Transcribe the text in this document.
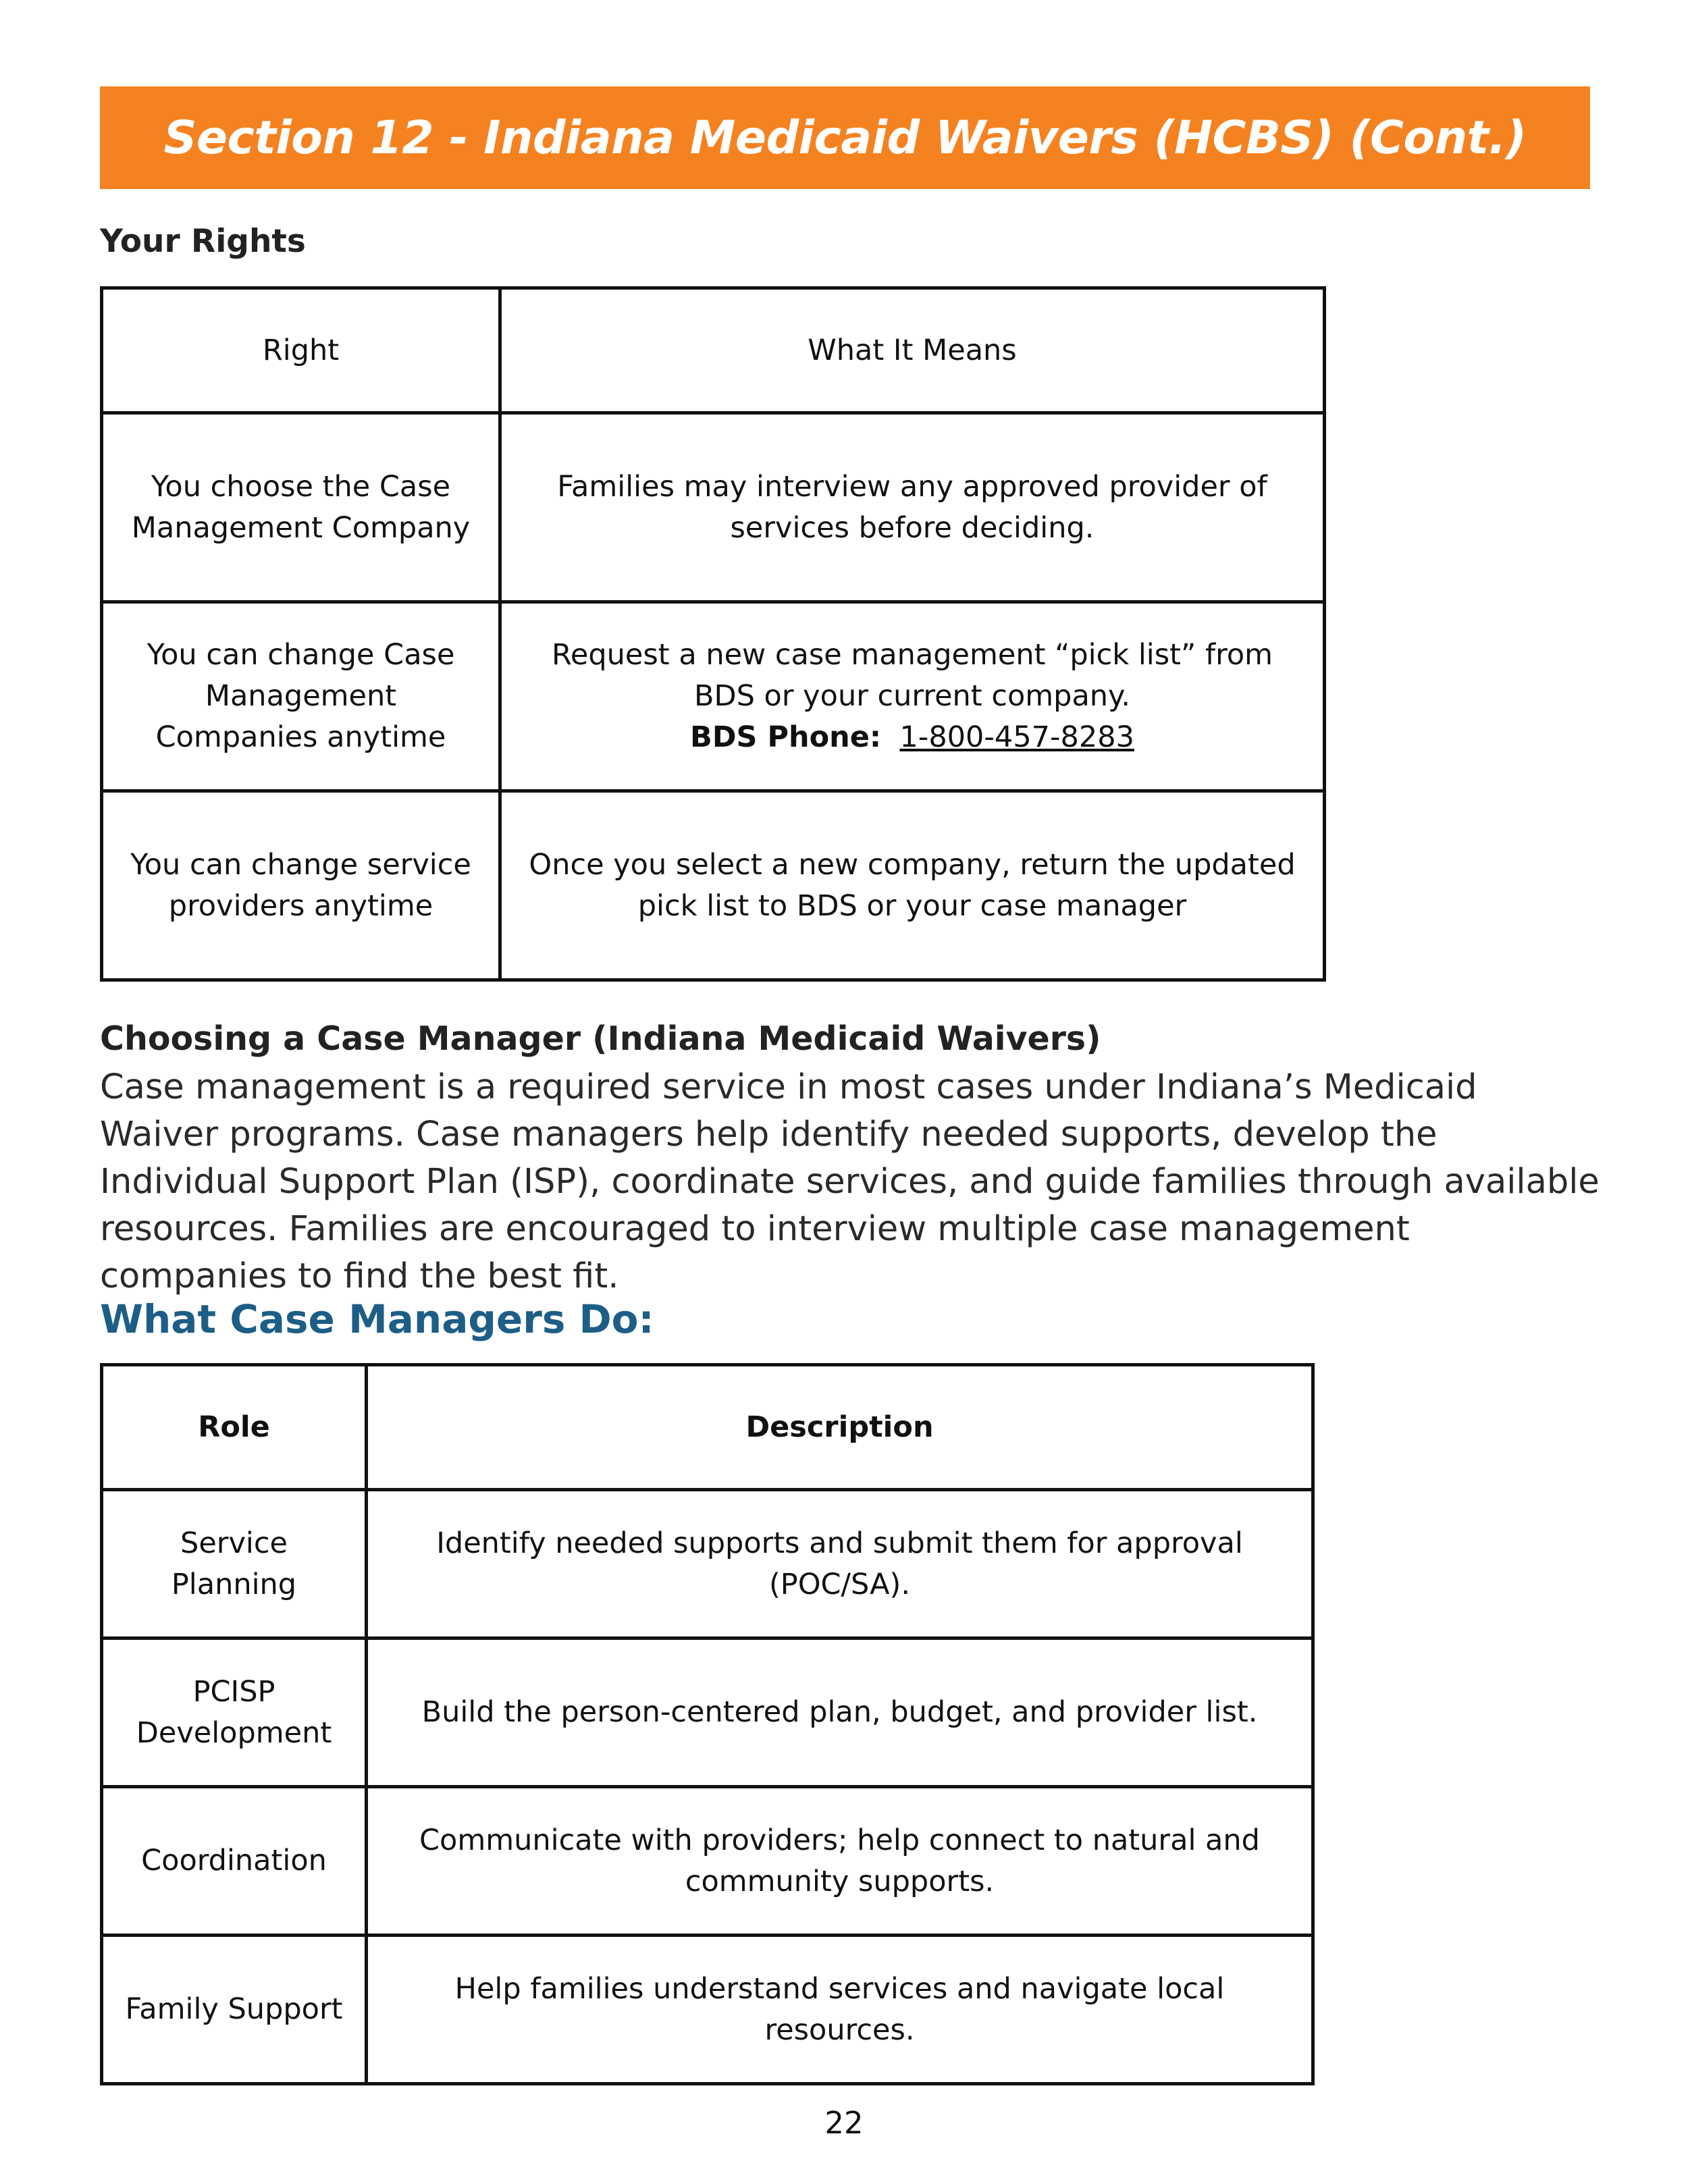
Section 12 - Indiana Medicaid Waivers (HCBS) (Cont.)
Your Rights
Right	What It Means
You choose the Case Management Company	Families may interview any approved provider of services before deciding.
You can change Case Management Companies anytime	Request a new case management “pick list” from BDS or your current company.
BDS Phone: 1-800-457-8283
You can change service providers anytime	Once you select a new company, return the updated pick list to BDS or your case manager
Choosing a Case Manager (Indiana Medicaid Waivers)

Case management is a required service in most cases under Indiana’s Medicaid Waiver programs. Case managers help identify needed supports, develop the Individual Support Plan (ISP), coordinate services, and guide families through available resources. Families are encouraged to interview multiple case management companies to find the best fit.

What Case Managers Do:
Role	Description
Service Planning	Identify needed supports and submit them for approval (POC/SA).
PCISP Development	Build the person-centered plan, budget, and provider list.
Coordination	Communicate with providers; help connect to natural and community supports.
Family Support	Help families understand services and navigate local resources.
22
